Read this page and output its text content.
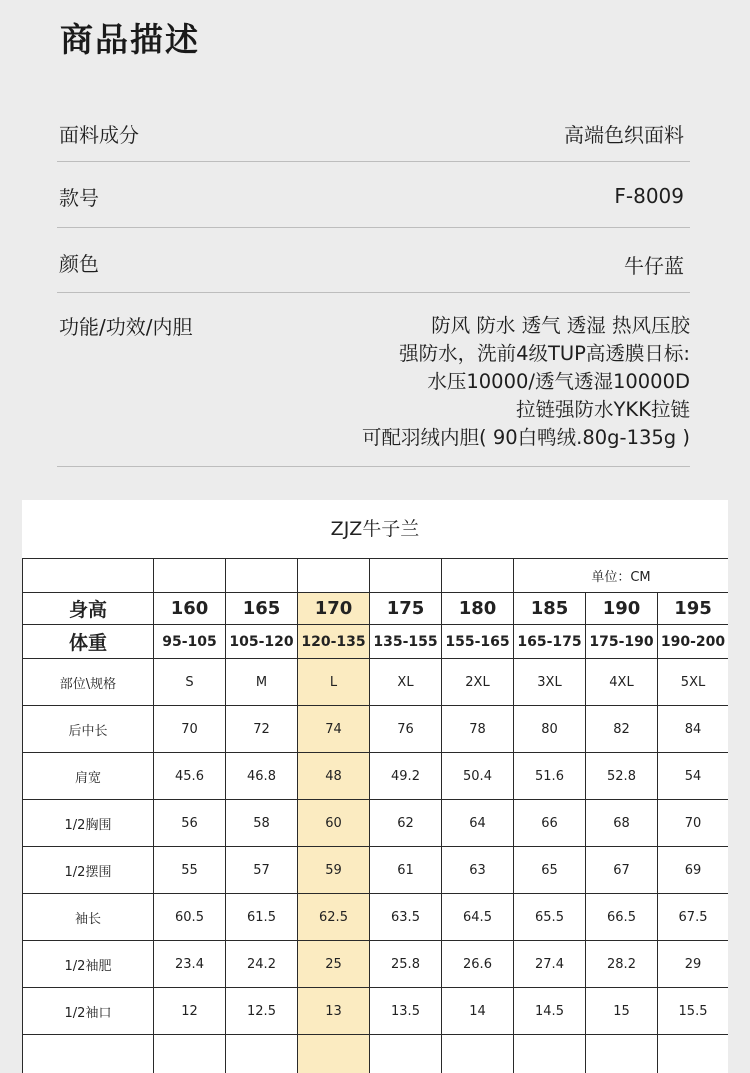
商品描述
面料成分	高端色织面料
款号	F-8009
颜色	牛仔蓝
功能/功效/内胆	防风 防水 透气 透湿 热风压胶
强防水，洗前4级TUP高透膜日标:
水压10000/透气透湿10000D
拉链强防水YKK拉链
可配羽绒内胆( 90白鸭绒.80g-135g )
ZJZ牛子兰
						单位：CM		
身高	160	165	170	175	180	185	190	195
体重	95-105	105-120	120-135	135-155	155-165	165-175	175-190	190-200
部位\规格	S	M	L	XL	2XL	3XL	4XL	5XL
后中长	70	72	74	76	78	80	82	84
肩宽	45.6	46.8	48	49.2	50.4	51.6	52.8	54
1/2胸围	56	58	60	62	64	66	68	70
1/2摆围	55	57	59	61	63	65	67	69
袖长	60.5	61.5	62.5	63.5	64.5	65.5	66.5	67.5
1/2袖肥	23.4	24.2	25	25.8	26.6	27.4	28.2	29
1/2袖口	12	12.5	13	13.5	14	14.5	15	15.5
